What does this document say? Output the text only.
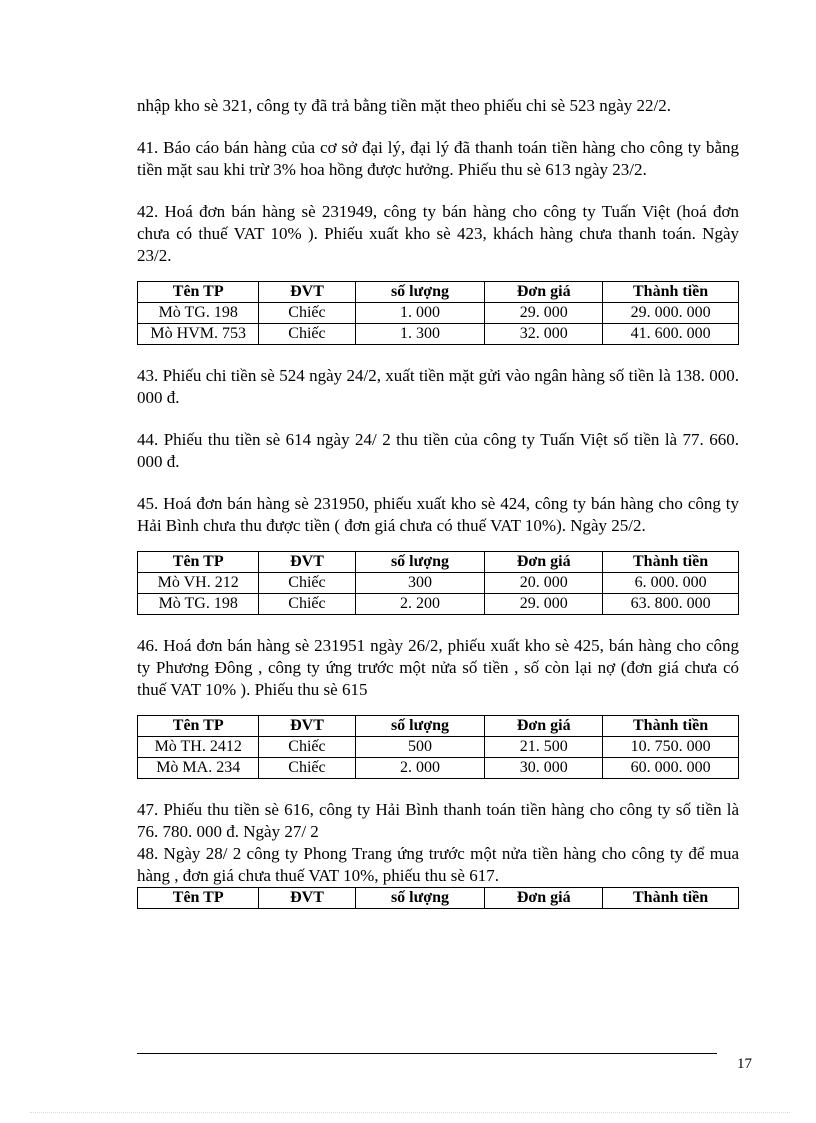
nhập kho sè 321, công ty đã trả bằng tiền mặt theo phiếu chi sè 523 ngày 22/2.

41. Báo cáo bán hàng của cơ sở đại lý, đại lý đã thanh toán tiền hàng cho công ty bằng tiền mặt sau khi trừ 3% hoa hồng được hưởng. Phiếu thu sè 613 ngày 23/2.

42. Hoá đơn bán hàng sè 231949, công ty bán hàng cho công ty Tuấn Việt (hoá đơn chưa có thuế VAT 10% ). Phiếu xuất kho sè 423, khách hàng chưa thanh toán. Ngày 23/2.

Tên TP	ĐVT	số lượng	Đơn giá	Thành tiền
Mò TG. 198	Chiếc	1. 000	29. 000	29. 000. 000
Mò HVM. 753	Chiếc	1. 300	32. 000	41. 600. 000

43. Phiếu chi tiền sè 524 ngày 24/2, xuất tiền mặt gửi vào ngân hàng số tiền là 138. 000. 000 đ.

44. Phiếu thu tiền sè 614 ngày 24/ 2 thu tiền của công ty Tuấn Việt số tiền là 77. 660. 000 đ.

45. Hoá đơn bán hàng sè 231950, phiếu xuất kho sè 424, công ty bán hàng cho công ty Hải Bình chưa thu được tiền ( đơn giá chưa có thuế VAT 10%). Ngày 25/2.

Tên TP	ĐVT	số lượng	Đơn giá	Thành tiền
Mò VH. 212	Chiếc	300	20. 000	6. 000. 000
Mò TG. 198	Chiếc	2. 200	29. 000	63. 800. 000

46. Hoá đơn bán hàng sè 231951 ngày 26/2, phiếu xuất kho sè 425, bán hàng cho công ty Phương Đông , công ty ứng trước một nửa số tiền , số còn lại nợ (đơn giá chưa có thuế VAT 10% ). Phiếu thu sè 615

Tên TP	ĐVT	số lượng	Đơn giá	Thành tiền
Mò TH. 2412	Chiếc	500	21. 500	10. 750. 000
Mò MA. 234	Chiếc	2. 000	30. 000	60. 000. 000

47. Phiếu thu tiền sè 616, công ty Hải Bình thanh toán tiền hàng cho công ty số tiền là 76. 780. 000 đ. Ngày 27/ 2

48. Ngày 28/ 2 công ty Phong Trang ứng trước một nửa tiền hàng cho công ty để mua hàng , đơn giá chưa thuế VAT 10%, phiếu thu sè 617.

Tên TP	ĐVT	số lượng	Đơn giá	Thành tiền
17
